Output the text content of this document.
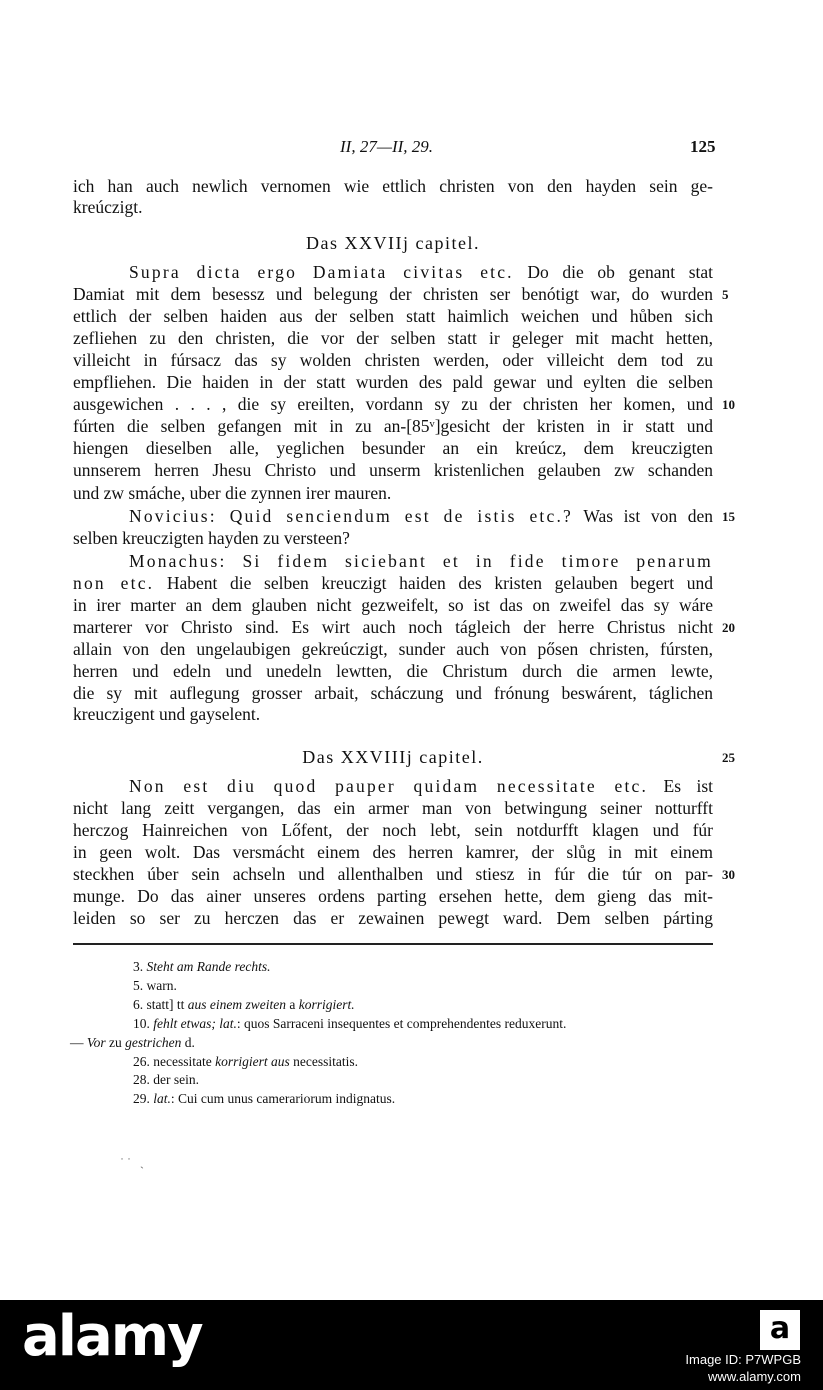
II, 27—II, 29.	125
ich han auch newlich vernomen wie ettlich christen von den hayden sein ge-
kreúczigt.
Das XXVIIj capitel.
Supra dicta ergo Damiata civitas etc. Do die ob genant stat
Damiat mit dem besessz und belegung der christen ser benótigt war, do wurden 5
ettlich der selben haiden aus der selben statt haimlich weichen und hůben sich
zefliehen zu den christen, die vor der selben statt ir geleger mit macht hetten,
villeicht in fúrsacz das sy wolden christen werden, oder villeicht dem tod zu
empfliehen. Die haiden in der statt wurden des pald gewar und eylten die selben
ausgewichen . . . , die sy ereilten, vordann sy zu der christen her komen, und 10
fúrten die selben gefangen mit in zu an-[85ᵛ]gesicht der kristen in ir statt und
hiengen dieselben alle, yeglichen besunder an ein kreúcz, dem kreuczigten
unnserem herren Jhesu Christo und unserm kristenlichen gelauben zw schanden
und zw smáche, uber die zynnen irer mauren.
Novicius: Quid senciendum est de istis etc.? Was ist von den 15
selben kreuczigten hayden zu versteen?
Monachus: Si fidem siciebant et in fide timore penarum
non etc. Habent die selben kreuczigt haiden des kristen gelauben begert und
in irer marter an dem glauben nicht gezweifelt, so ist das on zweifel das sy wáre
marterer vor Christo sind. Es wirt auch noch tágleich der herre Christus nicht 20
allain von den ungelaubigen gekreúczigt, sunder auch von pősen christen, fúrsten,
herren und edeln und unedeln lewtten, die Christum durch die armen lewte,
die sy mit auflegung grosser arbait, scháczung und frónung beswárent, táglichen
kreuczigent und gayselent.
Das XXVIIIj capitel.	25
Non est diu quod pauper quidam necessitate etc. Es ist
nicht lang zeitt vergangen, das ein armer man von betwingung seiner notturfft
herczog Hainreichen von Lőfent, der noch lebt, sein notdurfft klagen und fúr
in geen wolt. Das versmácht einem des herren kamrer, der slůg in mit einem
steckhen úber sein achseln und allenthalben und stiesz in fúr die túr on par- 30
munge. Do das ainer unseres ordens parting ersehen hette, dem gieng das mit-
leiden so ser zu herczen das er zewainen pewegt ward. Dem selben párting
3. Steht am Rande rechts.
5. warn.
6. statt] tt aus einem zweiten a korrigiert.
10. fehlt etwas; lat.: quos Sarraceni insequentes et comprehendentes reduxerunt.
— Vor zu gestrichen d.
26. necessitate korrigiert aus necessitatis.
28. der sein.
29. lat.: Cui cum unus camerariorum indignatus.
˙ ˙   ˏ
alamy	a
Image ID: P7WPGB
www.alamy.com
